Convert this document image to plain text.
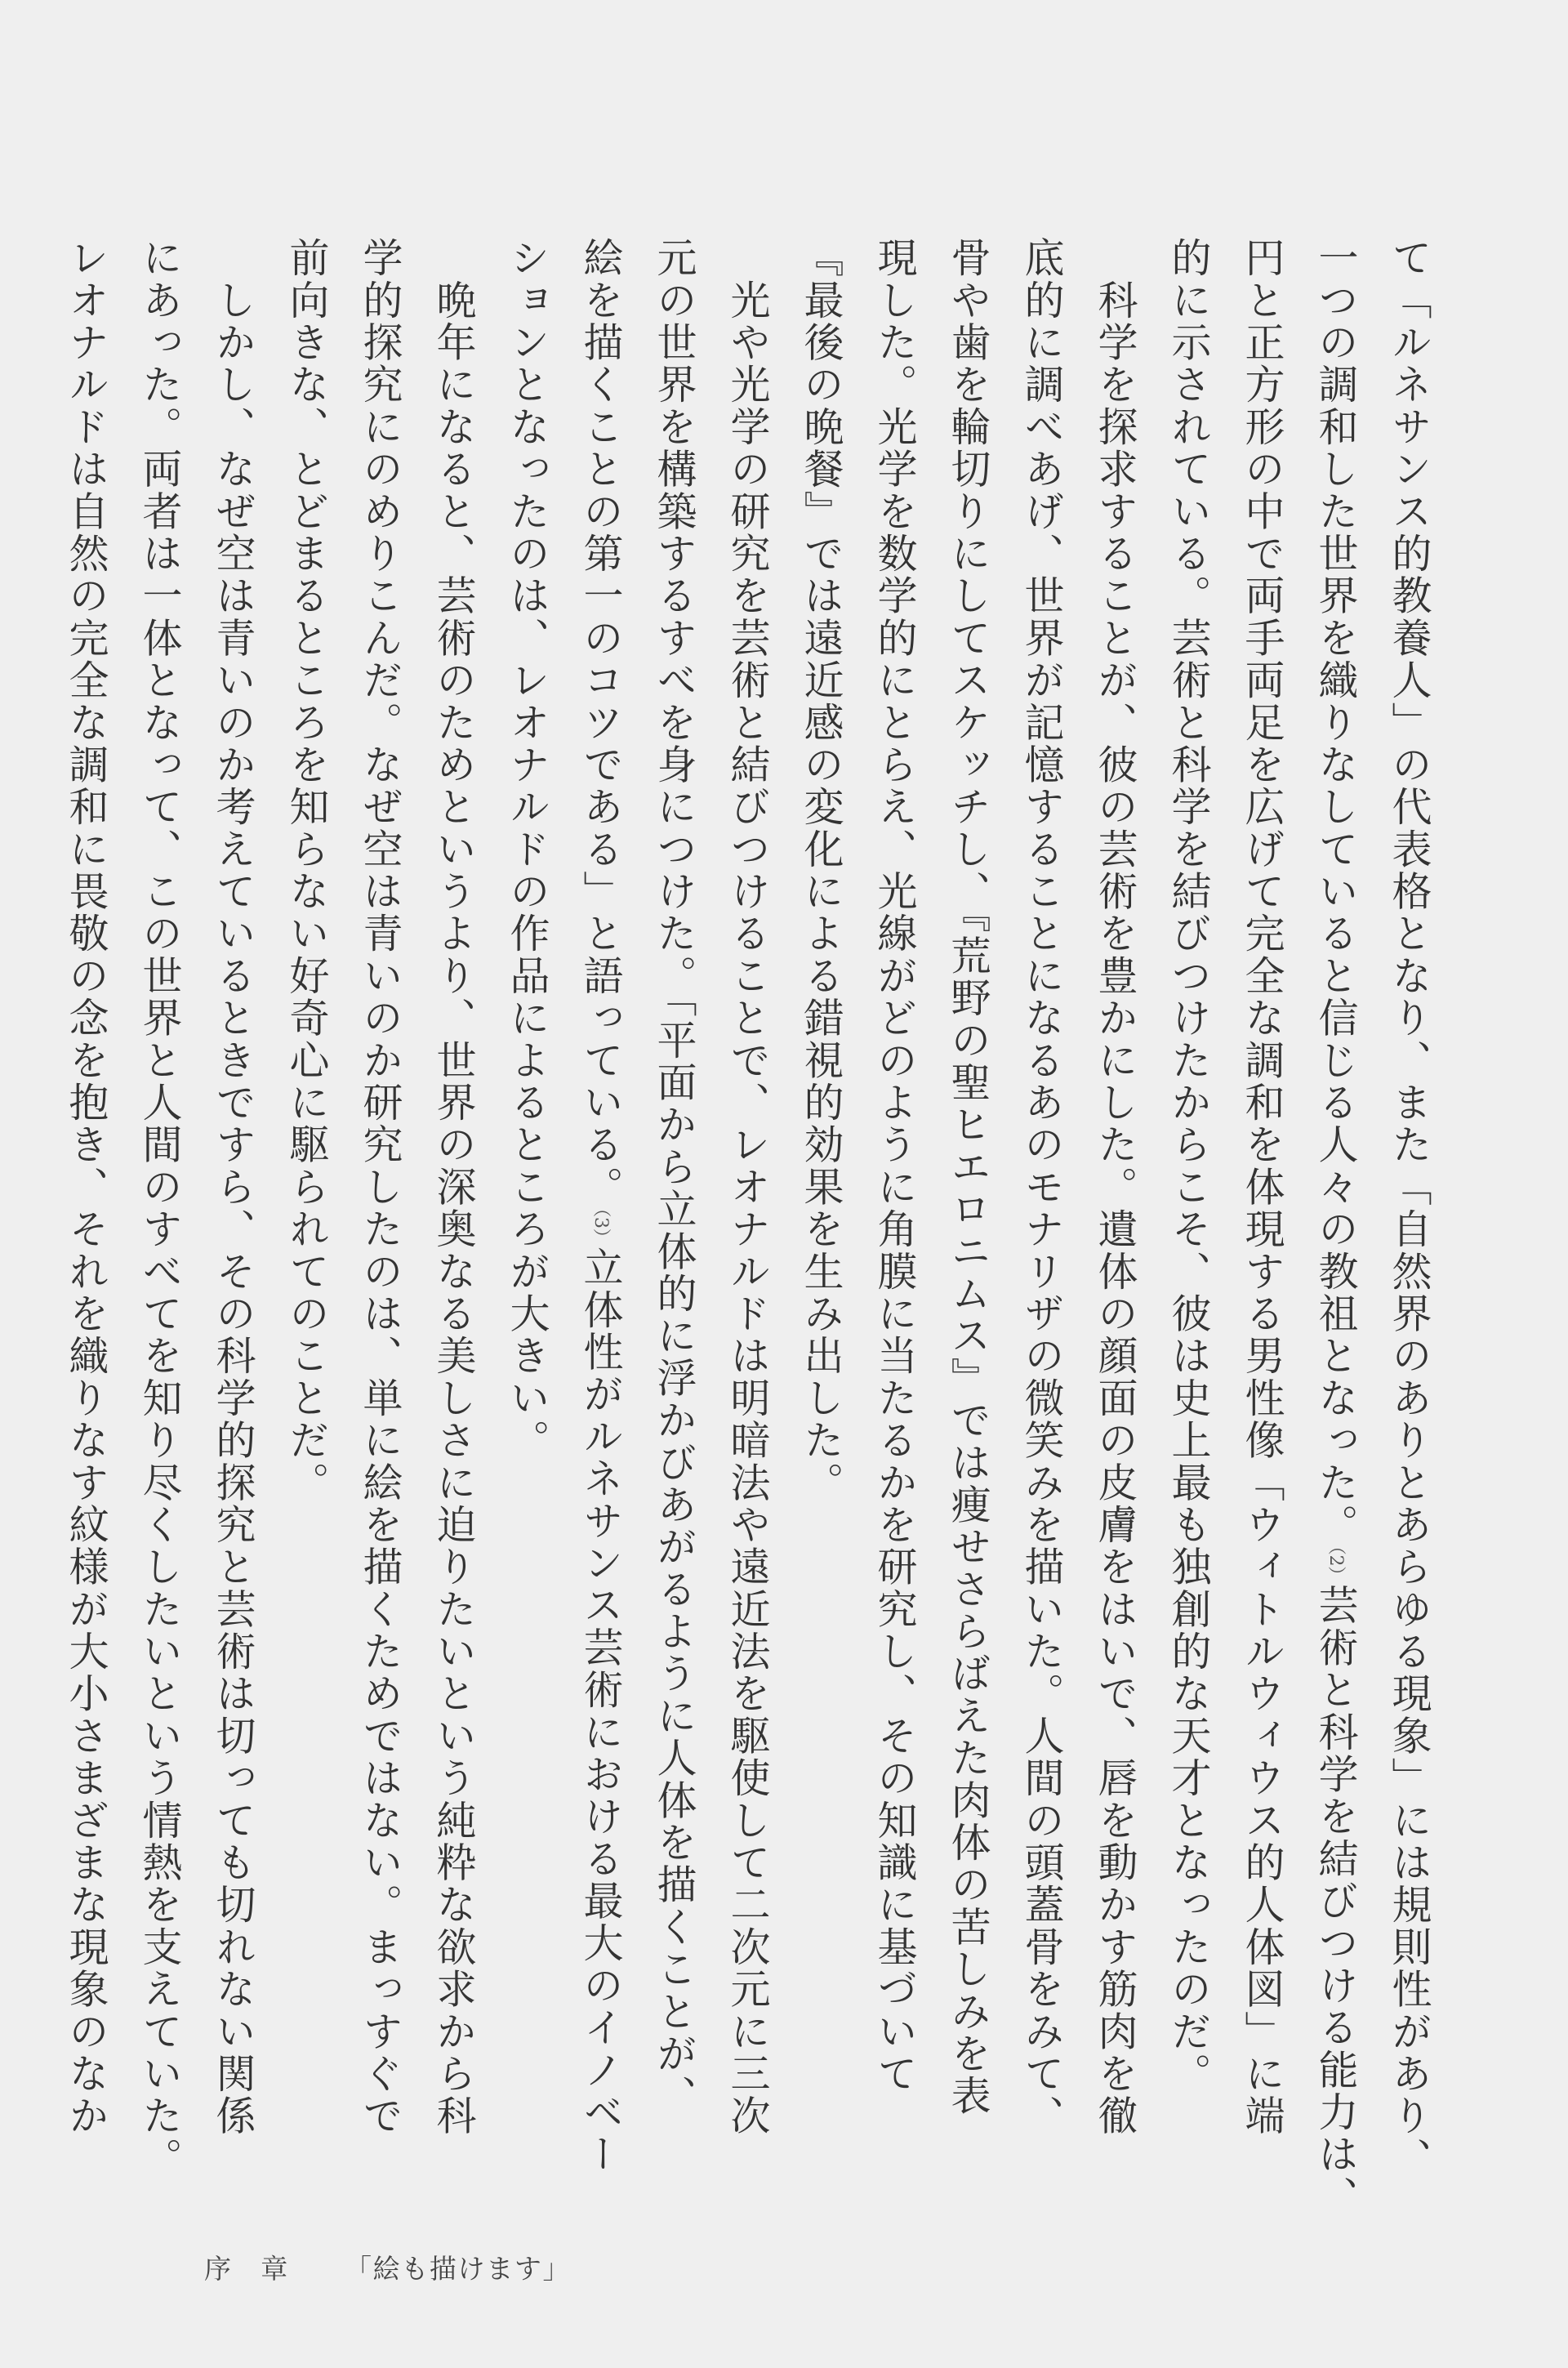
て「ルネサンス的教養人」の代表格となり、また「自然界のありとあらゆる現象」には規則性があり、
一つの調和した世界を織りなしていると信じる人々の教祖となった。（2）芸術と科学を結びつける能力は、
円と正方形の中で両手両足を広げて完全な調和を体現する男性像「ウィトルウィウス的人体図」に端
的に示されている。芸術と科学を結びつけたからこそ、彼は史上最も独創的な天才となったのだ。
　科学を探求することが、彼の芸術を豊かにした。遺体の顔面の皮膚をはいで、唇を動かす筋肉を徹
底的に調べあげ、世界が記憶することになるあのモナリザの微笑みを描いた。人間の頭蓋骨をみて、
骨や歯を輪切りにしてスケッチし、『荒野の聖ヒエロニムス』では痩せさらばえた肉体の苦しみを表
現した。光学を数学的にとらえ、光線がどのように角膜に当たるかを研究し、その知識に基づいて
『最後の晩餐』では遠近感の変化による錯視的効果を生み出した。
　光や光学の研究を芸術と結びつけることで、レオナルドは明暗法や遠近法を駆使して二次元に三次
元の世界を構築するすべを身につけた。「平面から立体的に浮かびあがるように人体を描くことが、
絵を描くことの第一のコツである」と語っている。（3）立体性がルネサンス芸術における最大のイノベー
ションとなったのは、レオナルドの作品によるところが大きい。
　晩年になると、芸術のためというより、世界の深奥なる美しさに迫りたいという純粋な欲求から科
学的探究にのめりこんだ。なぜ空は青いのか研究したのは、単に絵を描くためではない。まっすぐで
前向きな、とどまるところを知らない好奇心に駆られてのことだ。
　しかし、なぜ空は青いのか考えているときですら、その科学的探究と芸術は切っても切れない関係
にあった。両者は一体となって、この世界と人間のすべてを知り尽くしたいという情熱を支えていた。
レオナルドは自然の完全な調和に畏敬の念を抱き、それを織りなす紋様が大小さまざまな現象のなか
序　章 「絵も描けます」
